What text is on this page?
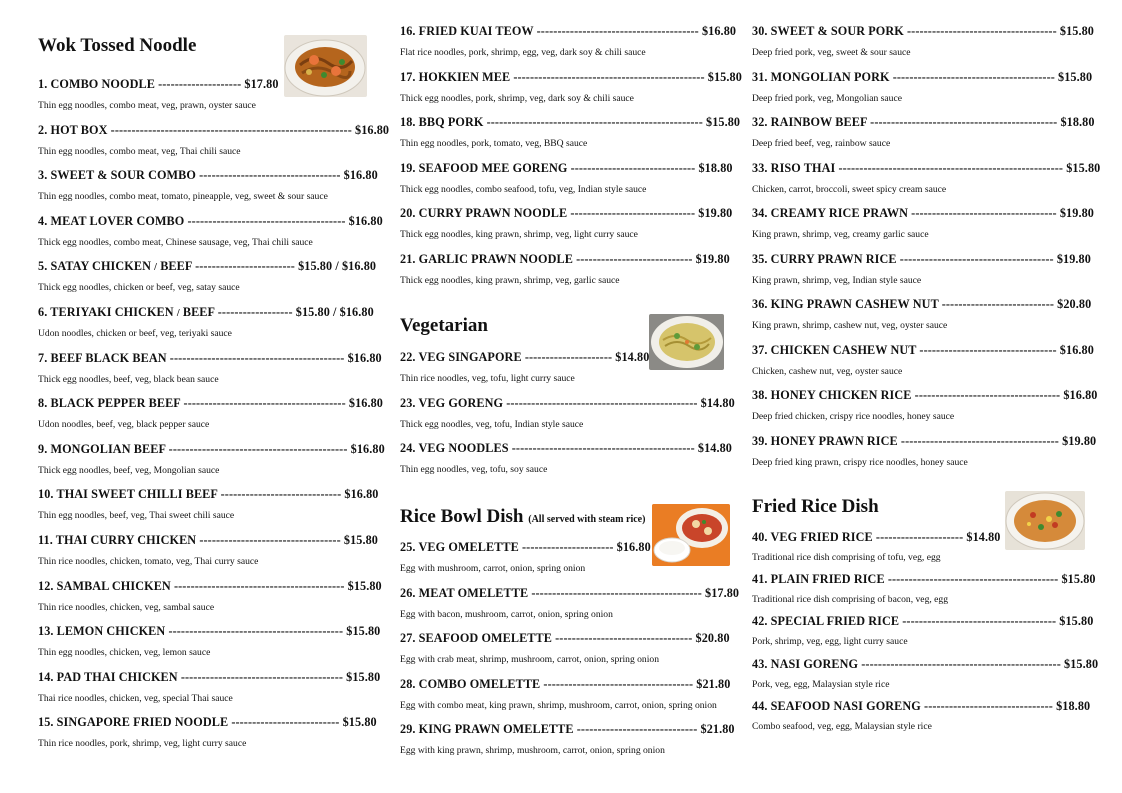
Wok Tossed Noodle
1. COMBO NOODLE -------------------- $17.80
Thin egg noodles, combo meat, veg, prawn, oyster sauce
2. HOT BOX ---------------------------------------------------------- $16.80
Thin egg noodles, combo meat, veg, Thai chili sauce
3. SWEET & SOUR COMBO ---------------------------------- $16.80
Thin egg noodles, combo meat, tomato, pineapple, veg, sweet & sour sauce
4. MEAT LOVER COMBO -------------------------------------- $16.80
Thick egg noodles, combo meat, Chinese sausage, veg, Thai chili sauce
5. SATAY CHICKEN / BEEF ------------------------ $15.80 / $16.80
Thick egg noodles, chicken or beef, veg, satay sauce
6. TERIYAKI CHICKEN / BEEF ------------------ $15.80 / $16.80
Udon noodles, chicken or beef, veg, teriyaki sauce
7. BEEF BLACK BEAN ------------------------------------------ $16.80
Thick egg noodles, beef, veg, black bean sauce
8. BLACK PEPPER BEEF --------------------------------------- $16.80
Udon noodles, beef, veg, black pepper sauce
9. MONGOLIAN BEEF ------------------------------------------- $16.80
Thick egg noodles, beef, veg, Mongolian sauce
10. THAI SWEET CHILLI BEEF ----------------------------- $16.80
Thin egg noodles, beef, veg, Thai sweet chili sauce
11. THAI CURRY CHICKEN ---------------------------------- $15.80
Thin rice noodles, chicken, tomato, veg, Thai curry sauce
12. SAMBAL CHICKEN ----------------------------------------- $15.80
Thin rice noodles, chicken, veg, sambal sauce
13. LEMON CHICKEN ------------------------------------------ $15.80
Thin egg noodles, chicken, veg, lemon sauce
14. PAD THAI CHICKEN --------------------------------------- $15.80
Thai rice noodles, chicken, veg, special Thai sauce
15. SINGAPORE FRIED NOODLE -------------------------- $15.80
Thin rice noodles, pork, shrimp, veg, light curry sauce
16. FRIED KUAI TEOW --------------------------------------- $16.80
Flat rice noodles, pork, shrimp, egg, veg, dark soy & chili sauce
17. HOKKIEN MEE ---------------------------------------------- $15.80
Thick egg noodles, pork, shrimp, veg, dark soy & chili sauce
18. BBQ PORK ---------------------------------------------------- $15.80
Thin egg noodles, pork, tomato, veg, BBQ sauce
19. SEAFOOD MEE GORENG ------------------------------ $18.80
Thick egg noodles, combo seafood, tofu, veg, Indian style sauce
20. CURRY PRAWN NOODLE ------------------------------ $19.80
Thick egg noodles, king prawn, shrimp, veg, light curry sauce
21. GARLIC PRAWN NOODLE ---------------------------- $19.80
Thick egg noodles, king prawn, shrimp, veg, garlic sauce
Vegetarian
22. VEG SINGAPORE --------------------- $14.80
Thin rice noodles, veg, tofu, light curry sauce
23. VEG GORENG ---------------------------------------------- $14.80
Thick egg noodles, veg, tofu, Indian style sauce
24. VEG NOODLES -------------------------------------------- $14.80
Thin egg noodles, veg, tofu, soy sauce
Rice Bowl Dish (All served with steam rice)
25. VEG OMELETTE ---------------------- $16.80
Egg with mushroom, carrot, onion, spring onion
26. MEAT OMELETTE ----------------------------------------- $17.80
Egg with bacon, mushroom, carrot, onion, spring onion
27. SEAFOOD OMELETTE --------------------------------- $20.80
Egg with crab meat, shrimp, mushroom, carrot, onion, spring onion
28. COMBO OMELETTE ------------------------------------ $21.80
Egg with combo meat, king prawn, shrimp, mushroom, carrot, onion, spring onion
29. KING PRAWN OMELETTE ----------------------------- $21.80
Egg with king prawn, shrimp, mushroom, carrot, onion, spring onion
30. SWEET & SOUR PORK ------------------------------------ $15.80
Deep fried pork, veg, sweet & sour sauce
31. MONGOLIAN PORK --------------------------------------- $15.80
Deep fried pork, veg, Mongolian sauce
32. RAINBOW BEEF --------------------------------------------- $18.80
Deep fried beef, veg, rainbow sauce
33. RISO THAI ------------------------------------------------------ $15.80
Chicken, carrot, broccoli, sweet spicy cream sauce
34. CREAMY RICE PRAWN ----------------------------------- $19.80
King prawn, shrimp, veg, creamy garlic sauce
35. CURRY PRAWN RICE ------------------------------------- $19.80
King prawn, shrimp, veg, Indian style sauce
36. KING PRAWN CASHEW NUT --------------------------- $20.80
King prawn, shrimp, cashew nut, veg, oyster sauce
37. CHICKEN CASHEW NUT --------------------------------- $16.80
Chicken, cashew nut, veg, oyster sauce
38. HONEY CHICKEN RICE ----------------------------------- $16.80
Deep fried chicken, crispy rice noodles, honey sauce
39. HONEY PRAWN RICE -------------------------------------- $19.80
Deep fried king prawn, crispy rice noodles, honey sauce
Fried Rice Dish
40. VEG FRIED RICE --------------------- $14.80
Traditional rice dish comprising of tofu, veg, egg
41. PLAIN FRIED RICE ----------------------------------------- $15.80
Traditional rice dish comprising of bacon, veg, egg
42. SPECIAL FRIED RICE ------------------------------------- $15.80
Pork, shrimp, veg, egg, light curry sauce
43. NASI GORENG ------------------------------------------------ $15.80
Pork, veg, egg, Malaysian style rice
44. SEAFOOD NASI GORENG ------------------------------- $18.80
Combo seafood, veg, egg, Malaysian style rice
